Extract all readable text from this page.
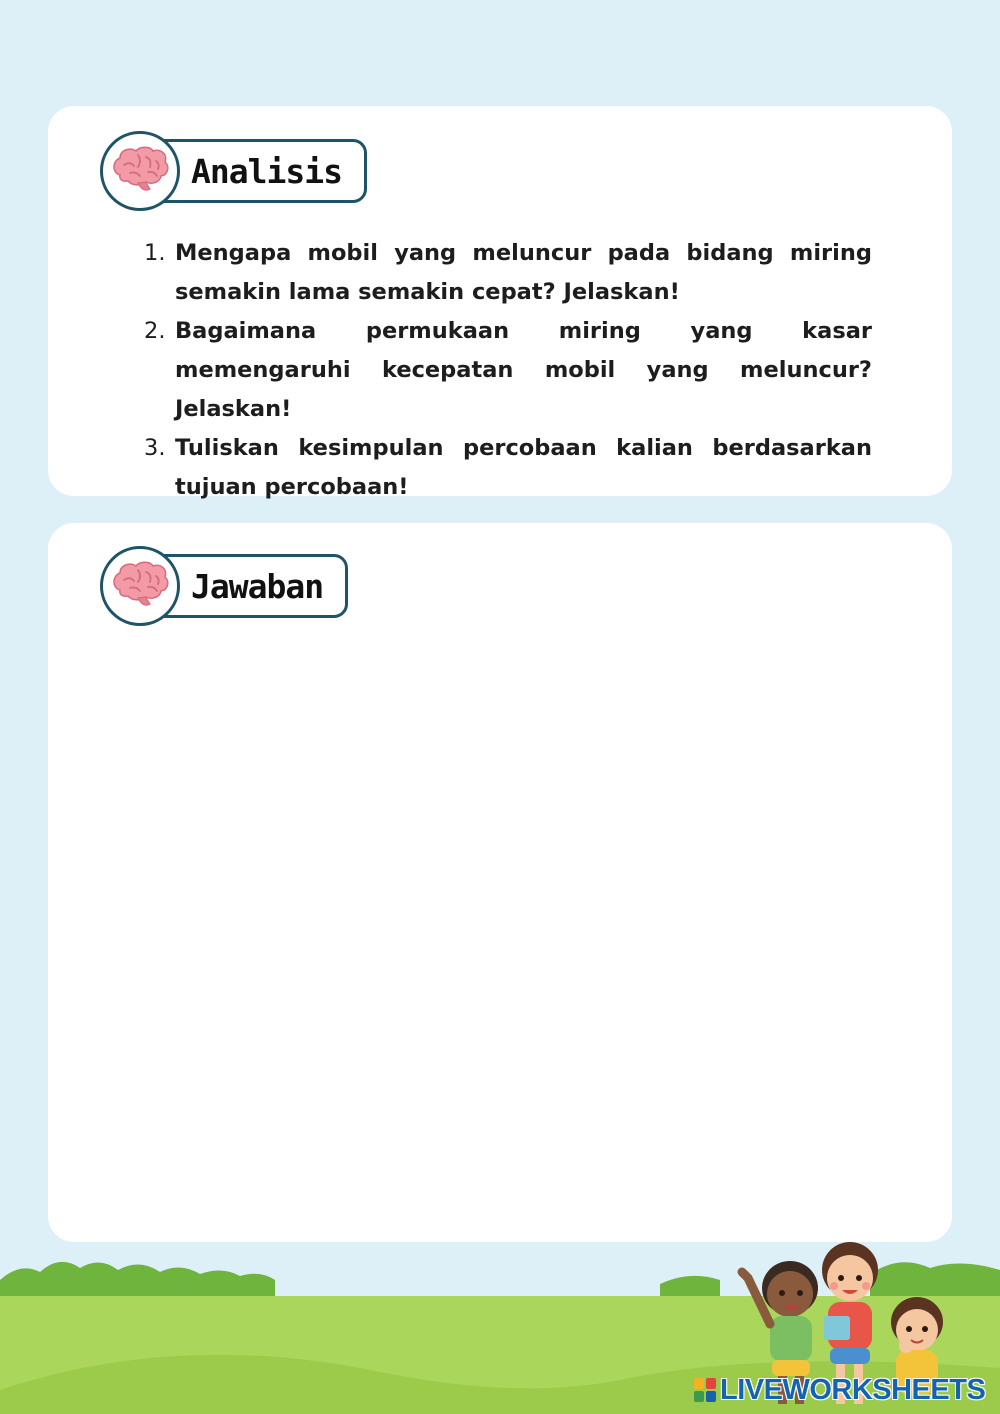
Analisis
1. Mengapa mobil yang meluncur pada bidang miring semakin lama semakin cepat? Jelaskan!
2. Bagaimana permukaan miring yang kasar memengaruhi kecepatan mobil yang meluncur? Jelaskan!
3. Tuliskan kesimpulan percobaan kalian berdasarkan tujuan percobaan!
Jawaban
LIVEWORKSHEETS
